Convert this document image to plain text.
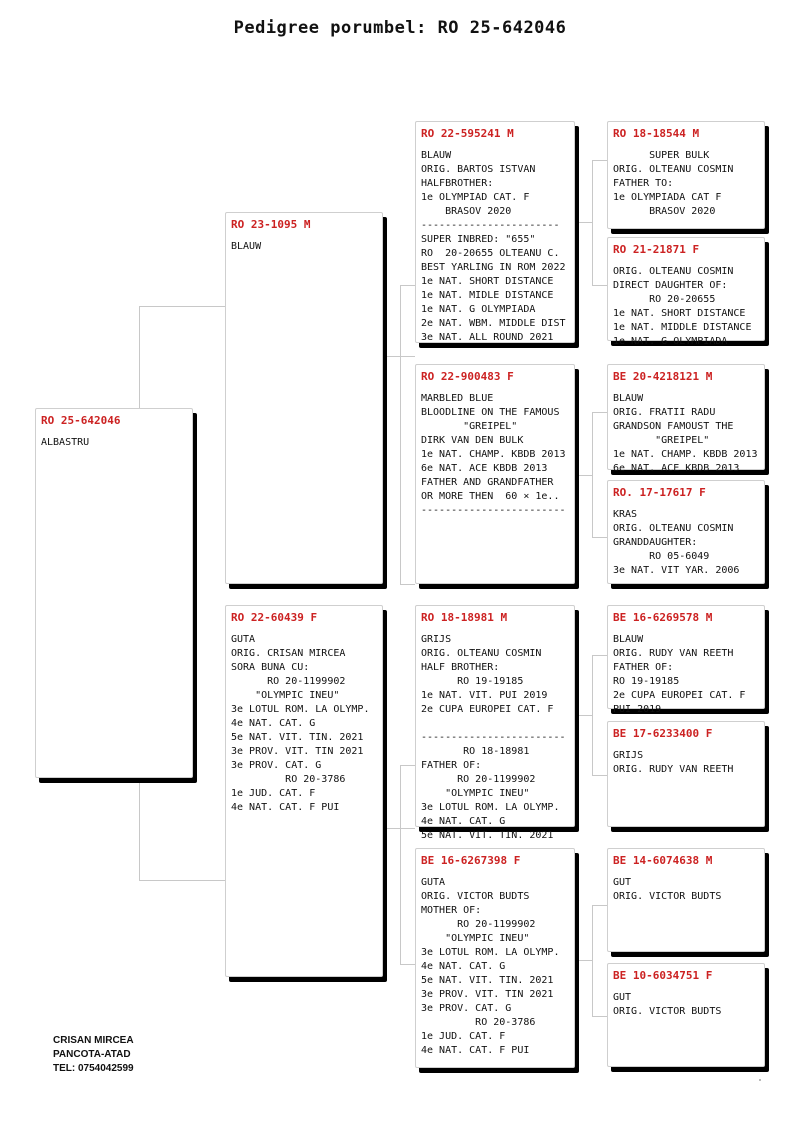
Pedigree porumbel: RO 25-642046
RO 25-642046
ALBASTRU
RO 23-1095 M
BLAUW
RO 22-60439 F
GUTA
ORIG. CRISAN MIRCEA
SORA BUNA CU:
RO 20-1199902
"OLYMPIC INEU"
3e LOTUL ROM. LA OLYMP.
4e NAT. CAT. G
5e NAT. VIT. TIN. 2021
3e PROV. VIT. TIN 2021
3e PROV. CAT. G
RO 20-3786
1e JUD. CAT. F
4e NAT. CAT. F PUI
RO 22-595241 M
BLAUW
ORIG. BARTOS ISTVAN
HALFBROTHER:
1e OLYMPIAD CAT. F
BRASOV 2020
-----------------------
SUPER INBRED: "655"
RO  20-20655 OLTEANU C.
BEST YARLING IN ROM 2022
1e NAT. SHORT DISTANCE
1e NAT. MIDLE DISTANCE
1e NAT. G OLYMPIADA
2e NAT. WBM. MIDDLE DIST
3e NAT. ALL ROUND 2021
RO 22-900483 F
MARBLED BLUE
BLOODLINE ON THE FAMOUS
"GREIPEL"
DIRK VAN DEN BULK
1e NAT. CHAMP. KBDB 2013
6e NAT. ACE KBDB 2013
FATHER AND GRANDFATHER
OR MORE THEN  60 × 1e..
------------------------
RO 18-18981 M
GRIJS
ORIG. OLTEANU COSMIN
HALF BROTHER:
RO 19-19185
1e NAT. VIT. PUI 2019
2e CUPA EUROPEI CAT. F
------------------------
RO 18-18981
FATHER OF:
RO 20-1199902
"OLYMPIC INEU"
3e LOTUL ROM. LA OLYMP.
4e NAT. CAT. G
5e NAT. VIT. TIN. 2021
BE 16-6267398 F
GUTA
ORIG. VICTOR BUDTS
MOTHER OF:
RO 20-1199902
"OLYMPIC INEU"
3e LOTUL ROM. LA OLYMP.
4e NAT. CAT. G
5e NAT. VIT. TIN. 2021
3e PROV. VIT. TIN 2021
3e PROV. CAT. G
RO 20-3786
1e JUD. CAT. F
4e NAT. CAT. F PUI
RO 18-18544 M
SUPER BULK
ORIG. OLTEANU COSMIN
FATHER TO:
1e OLYMPIADA CAT F
BRASOV 2020
RO 21-21871 F
ORIG. OLTEANU COSMIN
DIRECT DAUGHTER OF:
RO 20-20655
1e NAT. SHORT DISTANCE
1e NAT. MIDDLE DISTANCE
1e NAT. G OLYMPIADA
BE 20-4218121 M
BLAUW
ORIG. FRATII RADU
GRANDSON FAMOUST THE
"GREIPEL"
1e NAT. CHAMP. KBDB 2013
6e NAT. ACE KBDB 2013
RO. 17-17617 F
KRAS
ORIG. OLTEANU COSMIN
GRANDDAUGHTER:
RO 05-6049
3e NAT. VIT YAR. 2006
BE 16-6269578 M
BLAUW
ORIG. RUDY VAN REETH
FATHER OF:
RO 19-19185
2e CUPA EUROPEI CAT. F
PUI 2019
BE 17-6233400 F
GRIJS
ORIG. RUDY VAN REETH
BE 14-6074638 M
GUT
ORIG. VICTOR BUDTS
BE 10-6034751 F
GUT
ORIG. VICTOR BUDTS
CRISAN MIRCEA
PANCOTA-ATAD
TEL: 0754042599
